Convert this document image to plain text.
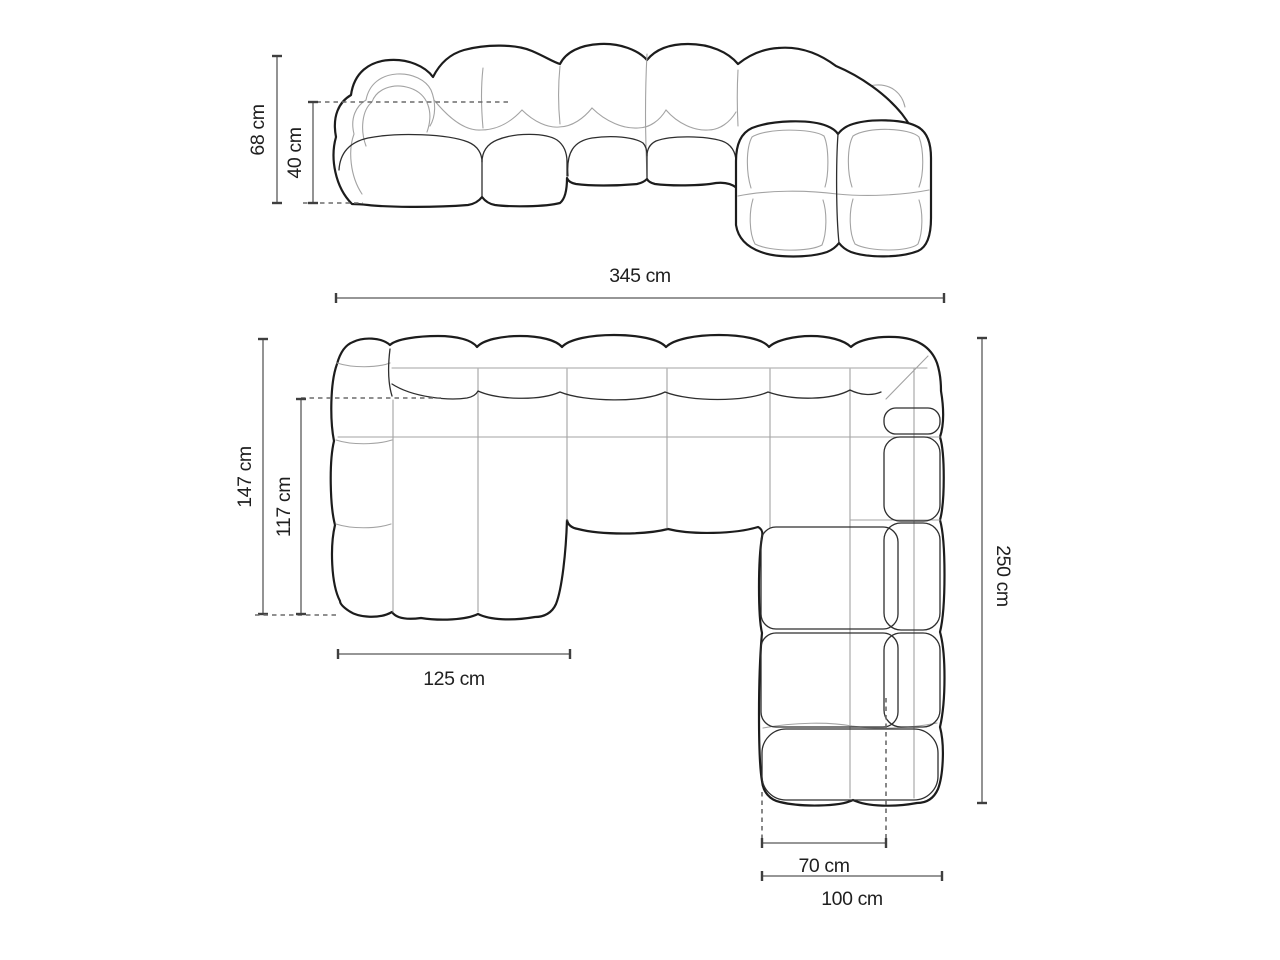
68 cm 40 cm
345 cm
147 cm 117 cm
125 cm
250 cm
70 cm
100 cm
